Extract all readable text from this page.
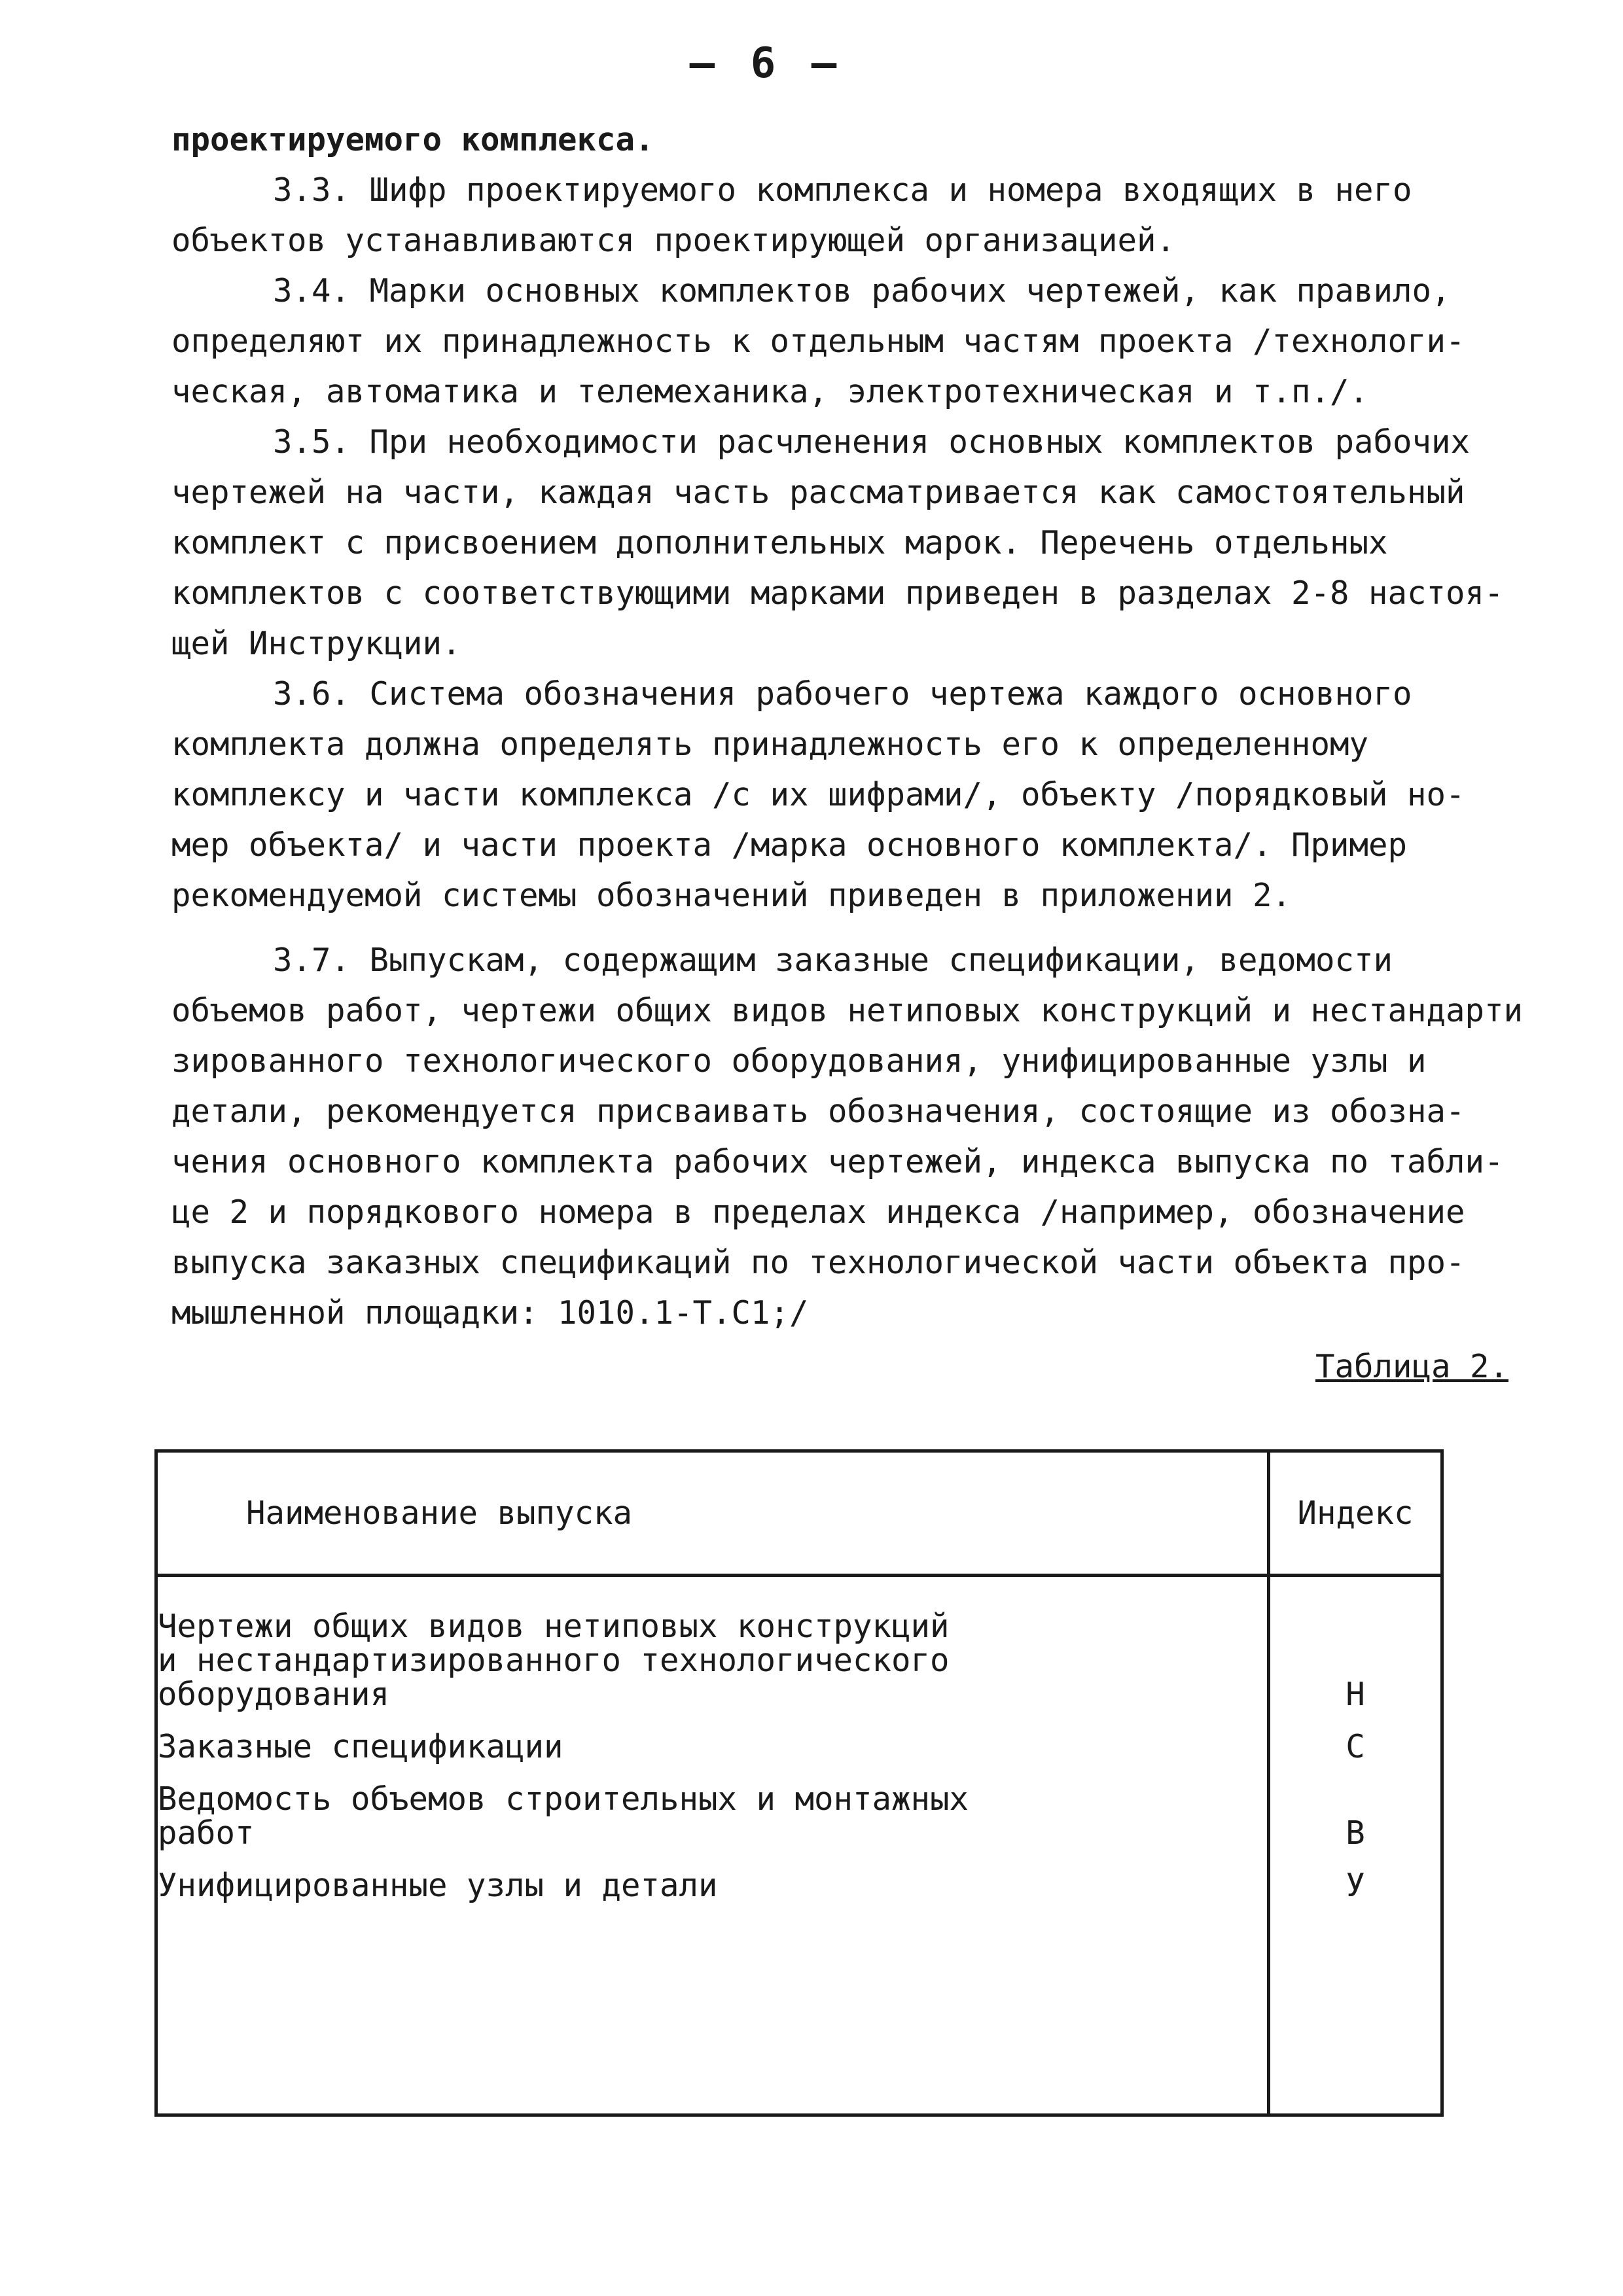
– 6 –

проектируемого комплекса.

3.3. Шифр проектируемого комплекса и номера входящих в него

объектов устанавливаются проектирующей организацией.

3.4. Марки основных комплектов рабочих чертежей, как правило,

определяют их принадлежность к отдельным частям проекта /технологи-

ческая, автоматика и телемеханика, электротехническая и т.п./.

3.5. При необходимости расчленения основных комплектов рабочих

чертежей на части, каждая часть рассматривается как самостоятельный

комплект с присвоением дополнительных марок. Перечень отдельных

комплектов с соответствующими марками приведен в разделах 2-8 настоя-

щей Инструкции.

3.6. Система обозначения рабочего чертежа каждого основного

комплекта должна определять принадлежность его к определенному

комплексу и части комплекса /с их шифрами/, объекту /порядковый но-

мер объекта/ и части проекта /марка основного комплекта/. Пример

рекомендуемой системы обозначений приведен в приложении 2.

3.7. Выпускам, содержащим заказные спецификации, ведомости

объемов работ, чертежи общих видов нетиповых конструкций и нестандарти

зированного технологического оборудования, унифицированные узлы и

детали, рекомендуется присваивать обозначения, состоящие из обозна-

чения основного комплекта рабочих чертежей, индекса выпуска по табли-

це 2 и порядкового номера в пределах индекса /например, обозначение

выпуска заказных спецификаций по технологической части объекта про-

мышленной площадки: 1010.1-Т.С1;/

Таблица 2.
Наименование выпуска	Индекс
Чертежи общих видов нетиповых конструкций
и нестандартизированного технологического
оборудования	Н
Заказные спецификации	С
Ведомость объемов строительных и монтажных
работ	В
Унифицированные узлы и детали	У
